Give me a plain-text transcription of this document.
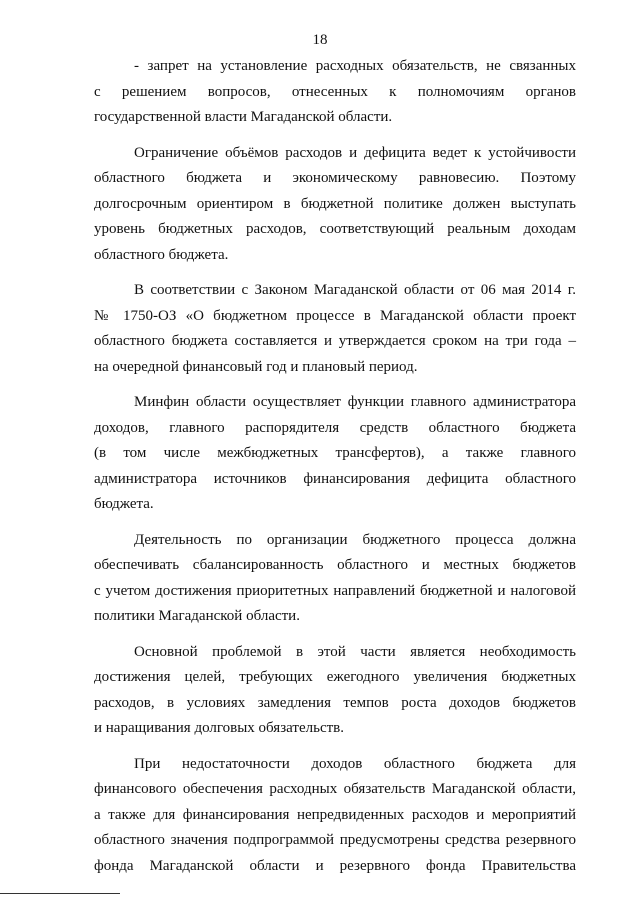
18

- запрет на установление расходных обязательств, не связанных
с решением вопросов, отнесенных к полномочиям органов
государственной власти Магаданской области.

Ограничение объёмов расходов и дефицита ведет к устойчивости
областного бюджета и экономическому равновесию. Поэтому
долгосрочным ориентиром в бюджетной политике должен выступать
уровень бюджетных расходов, соответствующий реальным доходам
областного бюджета.

В соответствии с Законом Магаданской области от 06 мая 2014 г.
№ 1750-ОЗ «О бюджетном процессе в Магаданской области проект
областного бюджета составляется и утверждается сроком на три года –
на очередной финансовый год и плановый период.

Минфин области осуществляет функции главного администратора
доходов, главного распорядителя средств областного бюджета
(в том числе межбюджетных трансфертов), а также главного
администратора источников финансирования дефицита областного
бюджета.

Деятельность по организации бюджетного процесса должна
обеспечивать сбалансированность областного и местных бюджетов
с учетом достижения приоритетных направлений бюджетной и налоговой
политики Магаданской области.

Основной проблемой в этой части является необходимость
достижения целей, требующих ежегодного увеличения бюджетных
расходов, в условиях замедления темпов роста доходов бюджетов
и наращивания долговых обязательств.

При недостаточности доходов областного бюджета для
финансового обеспечения расходных обязательств Магаданской области,
а также для финансирования непредвиденных расходов и мероприятий
областного значения подпрограммой предусмотрены средства резервного
фонда Магаданской области и резервного фонда Правительства
